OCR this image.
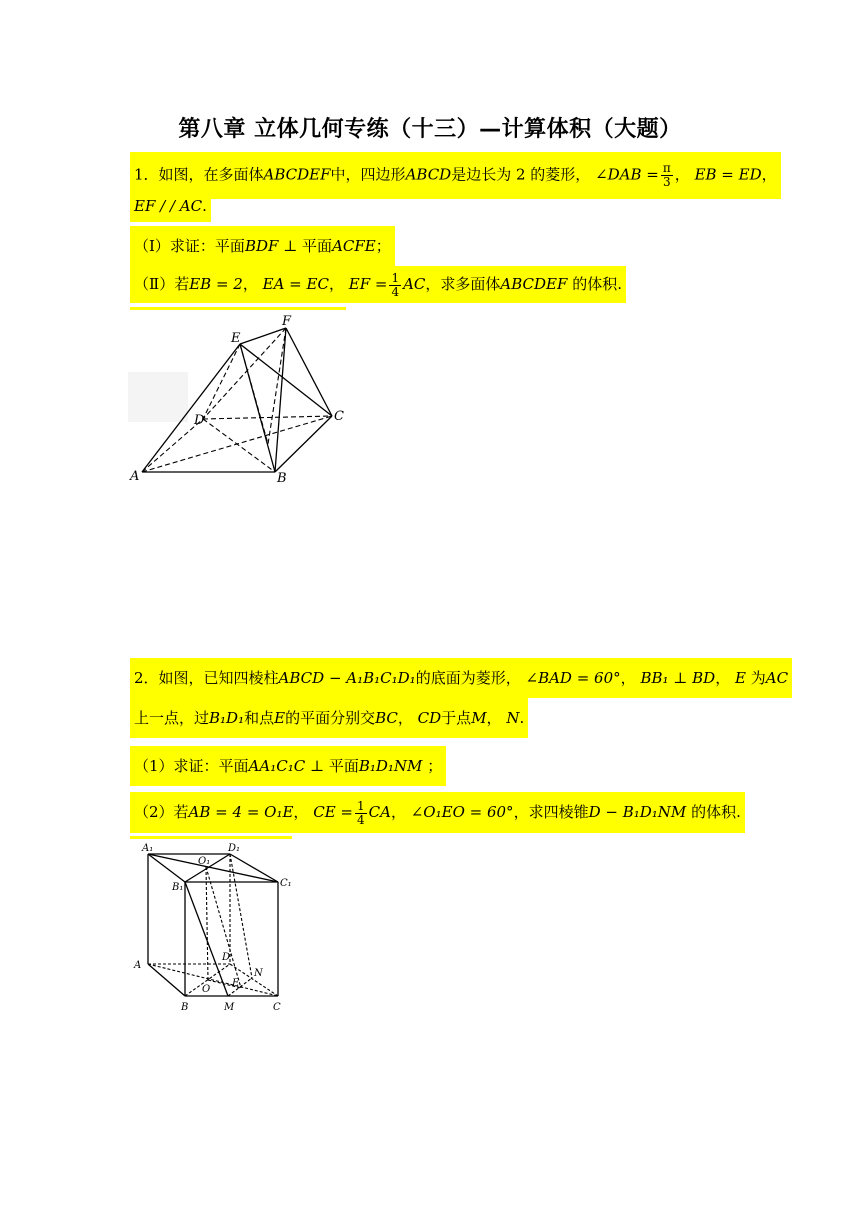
第八章 立体几何专练（十三）—计算体积（大题）
1．如图，在多面体ABCDEF中，四边形ABCD是边长为 2 的菱形， ∠DAB = $\frac{\pi}{3}$ ， EB = ED，
EF / / AC.
（Ⅰ）求证：平面BDF ⊥ 平面ACFE；
（Ⅱ）若EB = 2， EA = EC， EF = $\frac{1}{4}$ AC，求多面体ABCDEF 的体积.
A	B
C
D
E
F
2．如图，已知四棱柱ABCD − A₁B₁C₁D₁的底面为菱形， ∠BAD = 60°， BB₁ ⊥ BD， E 为AC
上一点，过B₁D₁和点E的平面分别交BC， CD于点M， N.
（1）求证：平面AA₁C₁C ⊥ 平面B₁D₁NM ；
（2）若AB = 4 = O₁E， CE = $\frac{1}{4}$ CA， ∠O₁EO = 60°，求四棱锥D − B₁D₁NM 的体积.
A₁
O₁
D₁
B₁	C₁
A
D
N
O
E
B	M	C
